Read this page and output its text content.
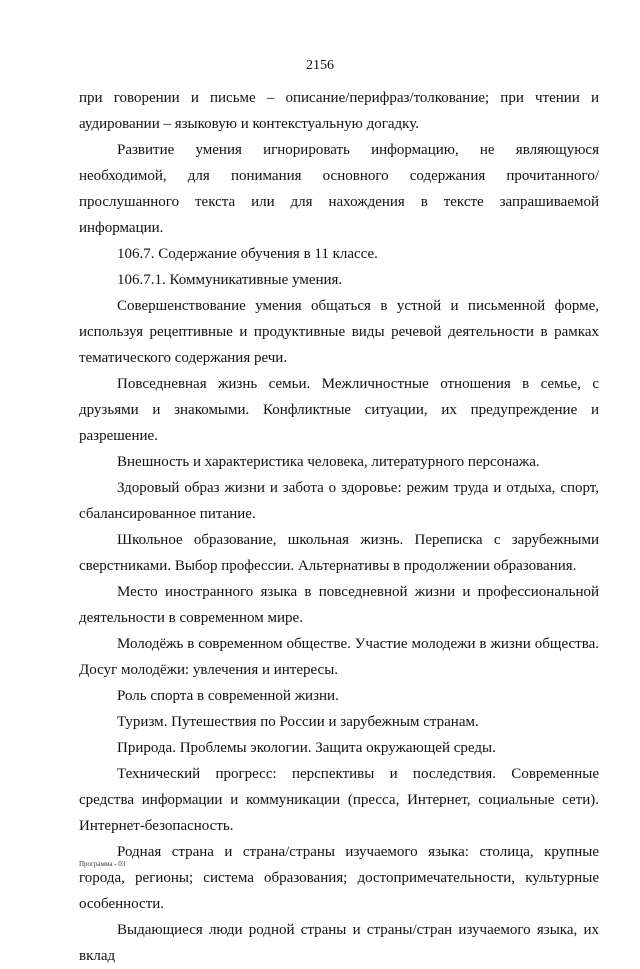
2156

при говорении и письме – описание/перифраз/толкование; при чтении и аудировании – языковую и контекстуальную догадку.

Развитие умения игнорировать информацию, не являющуюся необходимой, для понимания основного содержания прочитанного/прослушанного текста или для нахождения в тексте запрашиваемой информации.

106.7. Содержание обучения в 11 классе.

106.7.1. Коммуникативные умения.

Совершенствование умения общаться в устной и письменной форме, используя рецептивные и продуктивные виды речевой деятельности в рамках тематического содержания речи.

Повседневная жизнь семьи. Межличностные отношения в семье, с друзьями и знакомыми. Конфликтные ситуации, их предупреждение и разрешение.

Внешность и характеристика человека, литературного персонажа.

Здоровый образ жизни и забота о здоровье: режим труда и отдыха, спорт, сбалансированное питание.

Школьное образование, школьная жизнь. Переписка с зарубежными сверстниками. Выбор профессии. Альтернативы в продолжении образования.

Место иностранного языка в повседневной жизни и профессиональной деятельности в современном мире.

Молодёжь в современном обществе. Участие молодежи в жизни общества. Досуг молодёжи: увлечения и интересы.

Роль спорта в современной жизни.

Туризм. Путешествия по России и зарубежным странам.

Природа. Проблемы экологии. Защита окружающей среды.

Технический прогресс: перспективы и последствия. Современные средства информации и коммуникации (пресса, Интернет, социальные сети). Интернет-безопасность.

Родная страна и страна/страны изучаемого языка: столица, крупные города, регионы; система образования; достопримечательности, культурные особенности.

Выдающиеся люди родной страны и страны/стран изучаемого языка, их вклад

Программа - 03
